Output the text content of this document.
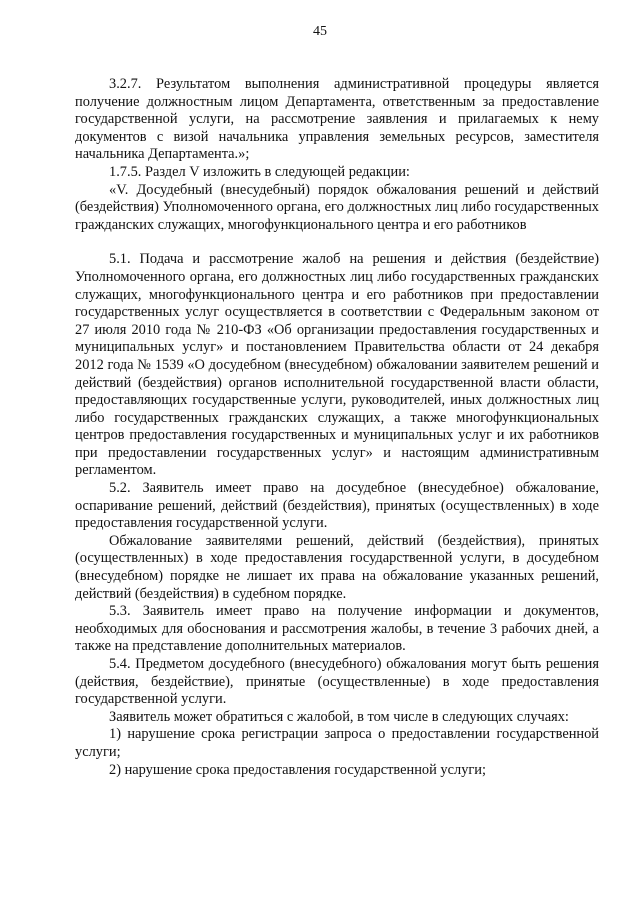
45

3.2.7. Результатом выполнения административной процедуры является получение должностным лицом Департамента, ответственным за предоставление государственной услуги, на рассмотрение заявления и прилагаемых к нему документов с визой начальника управления земельных ресурсов, заместителя начальника Департамента.»;

1.7.5. Раздел V изложить в следующей редакции:

«V. Досудебный (внесудебный) порядок обжалования решений и действий (бездействия) Уполномоченного органа, его должностных лиц либо государственных гражданских служащих, многофункционального центра и его работников

5.1. Подача и рассмотрение жалоб на решения и действия (бездействие) Уполномоченного органа, его должностных лиц либо государственных гражданских служащих, многофункционального центра и его работников при предоставлении государственных услуг осуществляется в соответствии с Федеральным законом от 27 июля 2010 года № 210-ФЗ «Об организации предоставления государственных и муниципальных услуг» и постановлением Правительства области от 24 декабря 2012 года № 1539 «О досудебном (внесудебном) обжаловании заявителем решений и действий (бездействия) органов исполнительной государственной власти области, предоставляющих государственные услуги, руководителей, иных должностных лиц либо государственных гражданских служащих, а также многофункциональных центров предоставления государственных и муниципальных услуг и их работников при предоставлении государственных услуг» и настоящим административным регламентом.

5.2. Заявитель имеет право на досудебное (внесудебное) обжалование, оспаривание решений, действий (бездействия), принятых (осуществленных) в ходе предоставления государственной услуги.

Обжалование заявителями решений, действий (бездействия), принятых (осуществленных) в ходе предоставления государственной услуги, в досудебном (внесудебном) порядке не лишает их права на обжалование указанных решений, действий (бездействия) в судебном порядке.

5.3. Заявитель имеет право на получение информации и документов, необходимых для обоснования и рассмотрения жалобы, в течение 3 рабочих дней, а также на представление дополнительных материалов.

5.4. Предметом досудебного (внесудебного) обжалования могут быть решения (действия, бездействие), принятые (осуществленные) в ходе предоставления государственной услуги.

Заявитель может обратиться с жалобой, в том числе в следующих случаях:

1) нарушение срока регистрации запроса о предоставлении государственной услуги;

2) нарушение срока предоставления государственной услуги;
